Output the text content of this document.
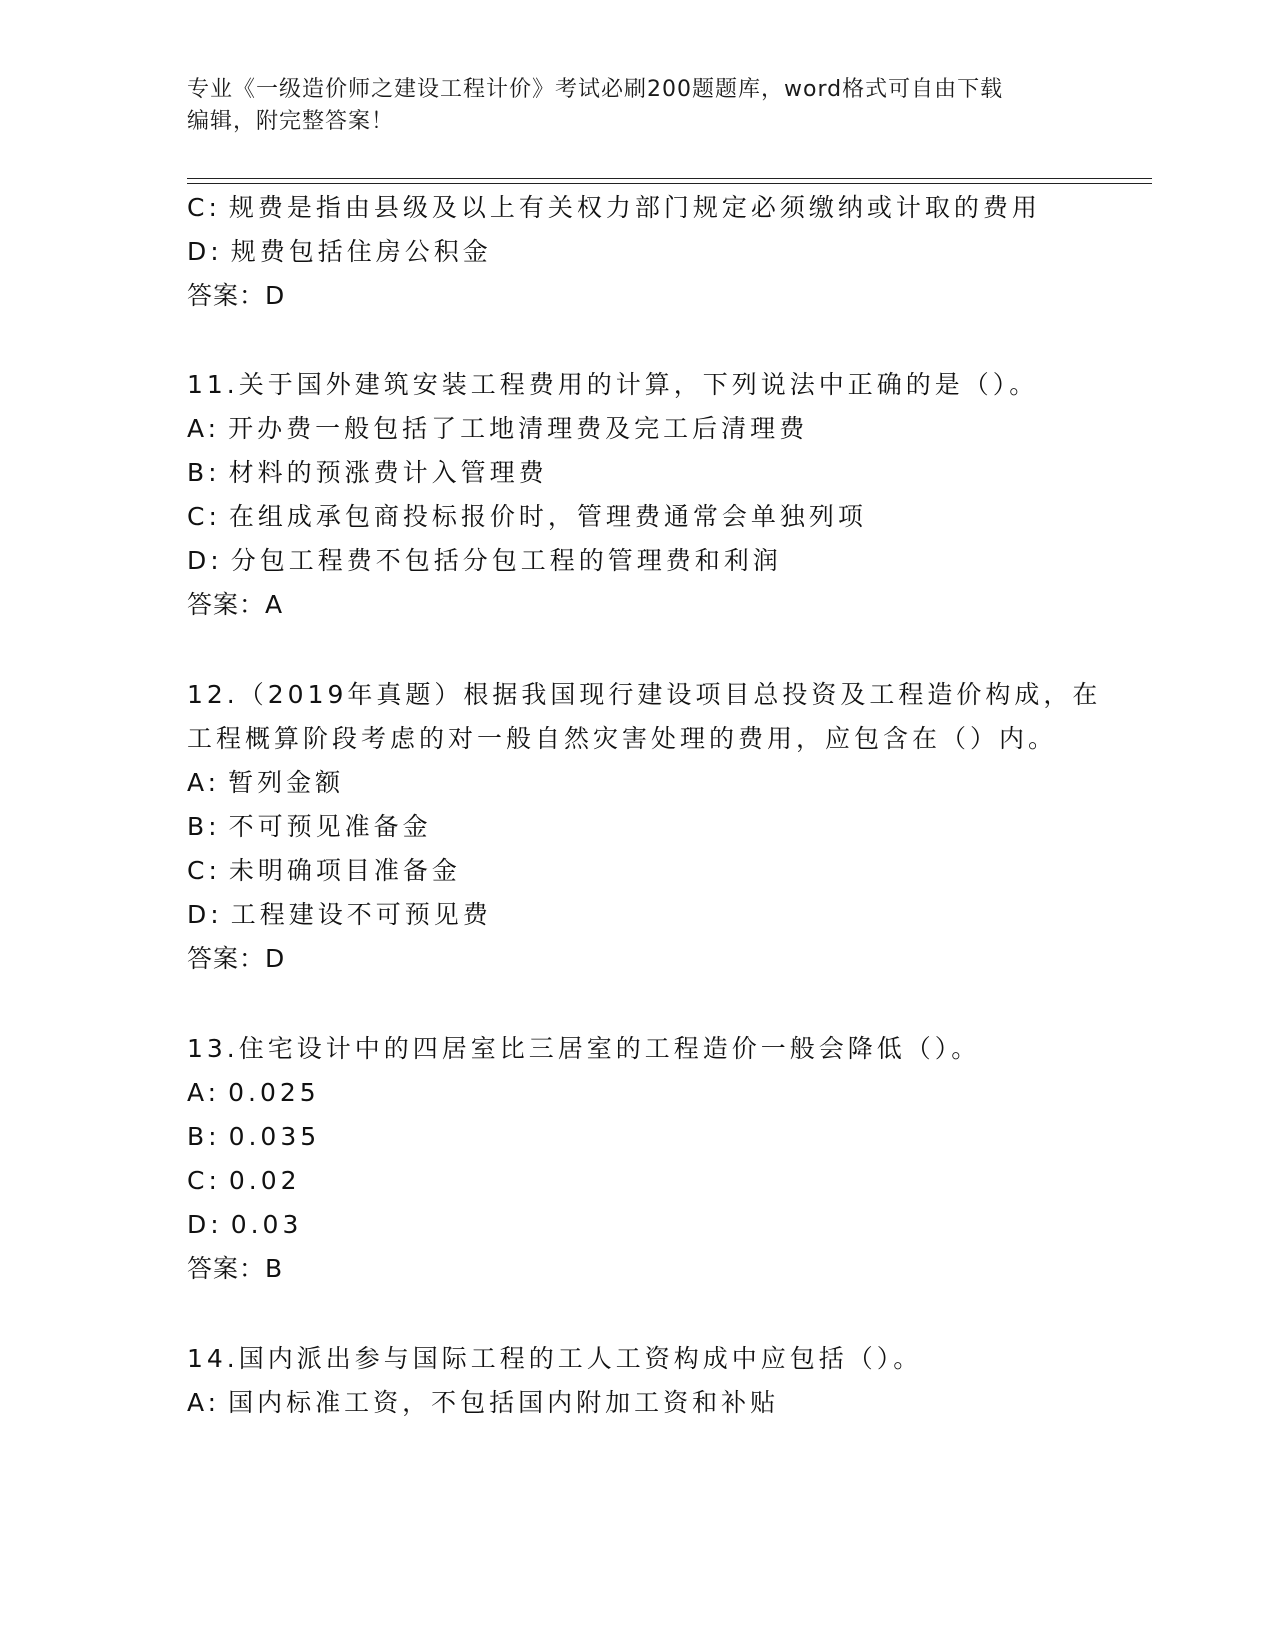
专业《一级造价师之建设工程计价》考试必刷200题题库，word格式可自由下载
编辑，附完整答案！
C: 规费是指由县级及以上有关权力部门规定必须缴纳或计取的费用
D: 规费包括住房公积金
答案：D
11.关于国外建筑安装工程费用的计算，下列说法中正确的是（）。
A: 开办费一般包括了工地清理费及完工后清理费
B: 材料的预涨费计入管理费
C: 在组成承包商投标报价时，管理费通常会单独列项
D: 分包工程费不包括分包工程的管理费和利润
答案：A
12.（2019年真题）根据我国现行建设项目总投资及工程造价构成，在
工程概算阶段考虑的对一般自然灾害处理的费用，应包含在（）内。
A: 暂列金额
B: 不可预见准备金
C: 未明确项目准备金
D: 工程建设不可预见费
答案：D
13.住宅设计中的四居室比三居室的工程造价一般会降低（）。
A: 0.025
B: 0.035
C: 0.02
D: 0.03
答案：B
14.国内派出参与国际工程的工人工资构成中应包括（）。
A: 国内标准工资，不包括国内附加工资和补贴
